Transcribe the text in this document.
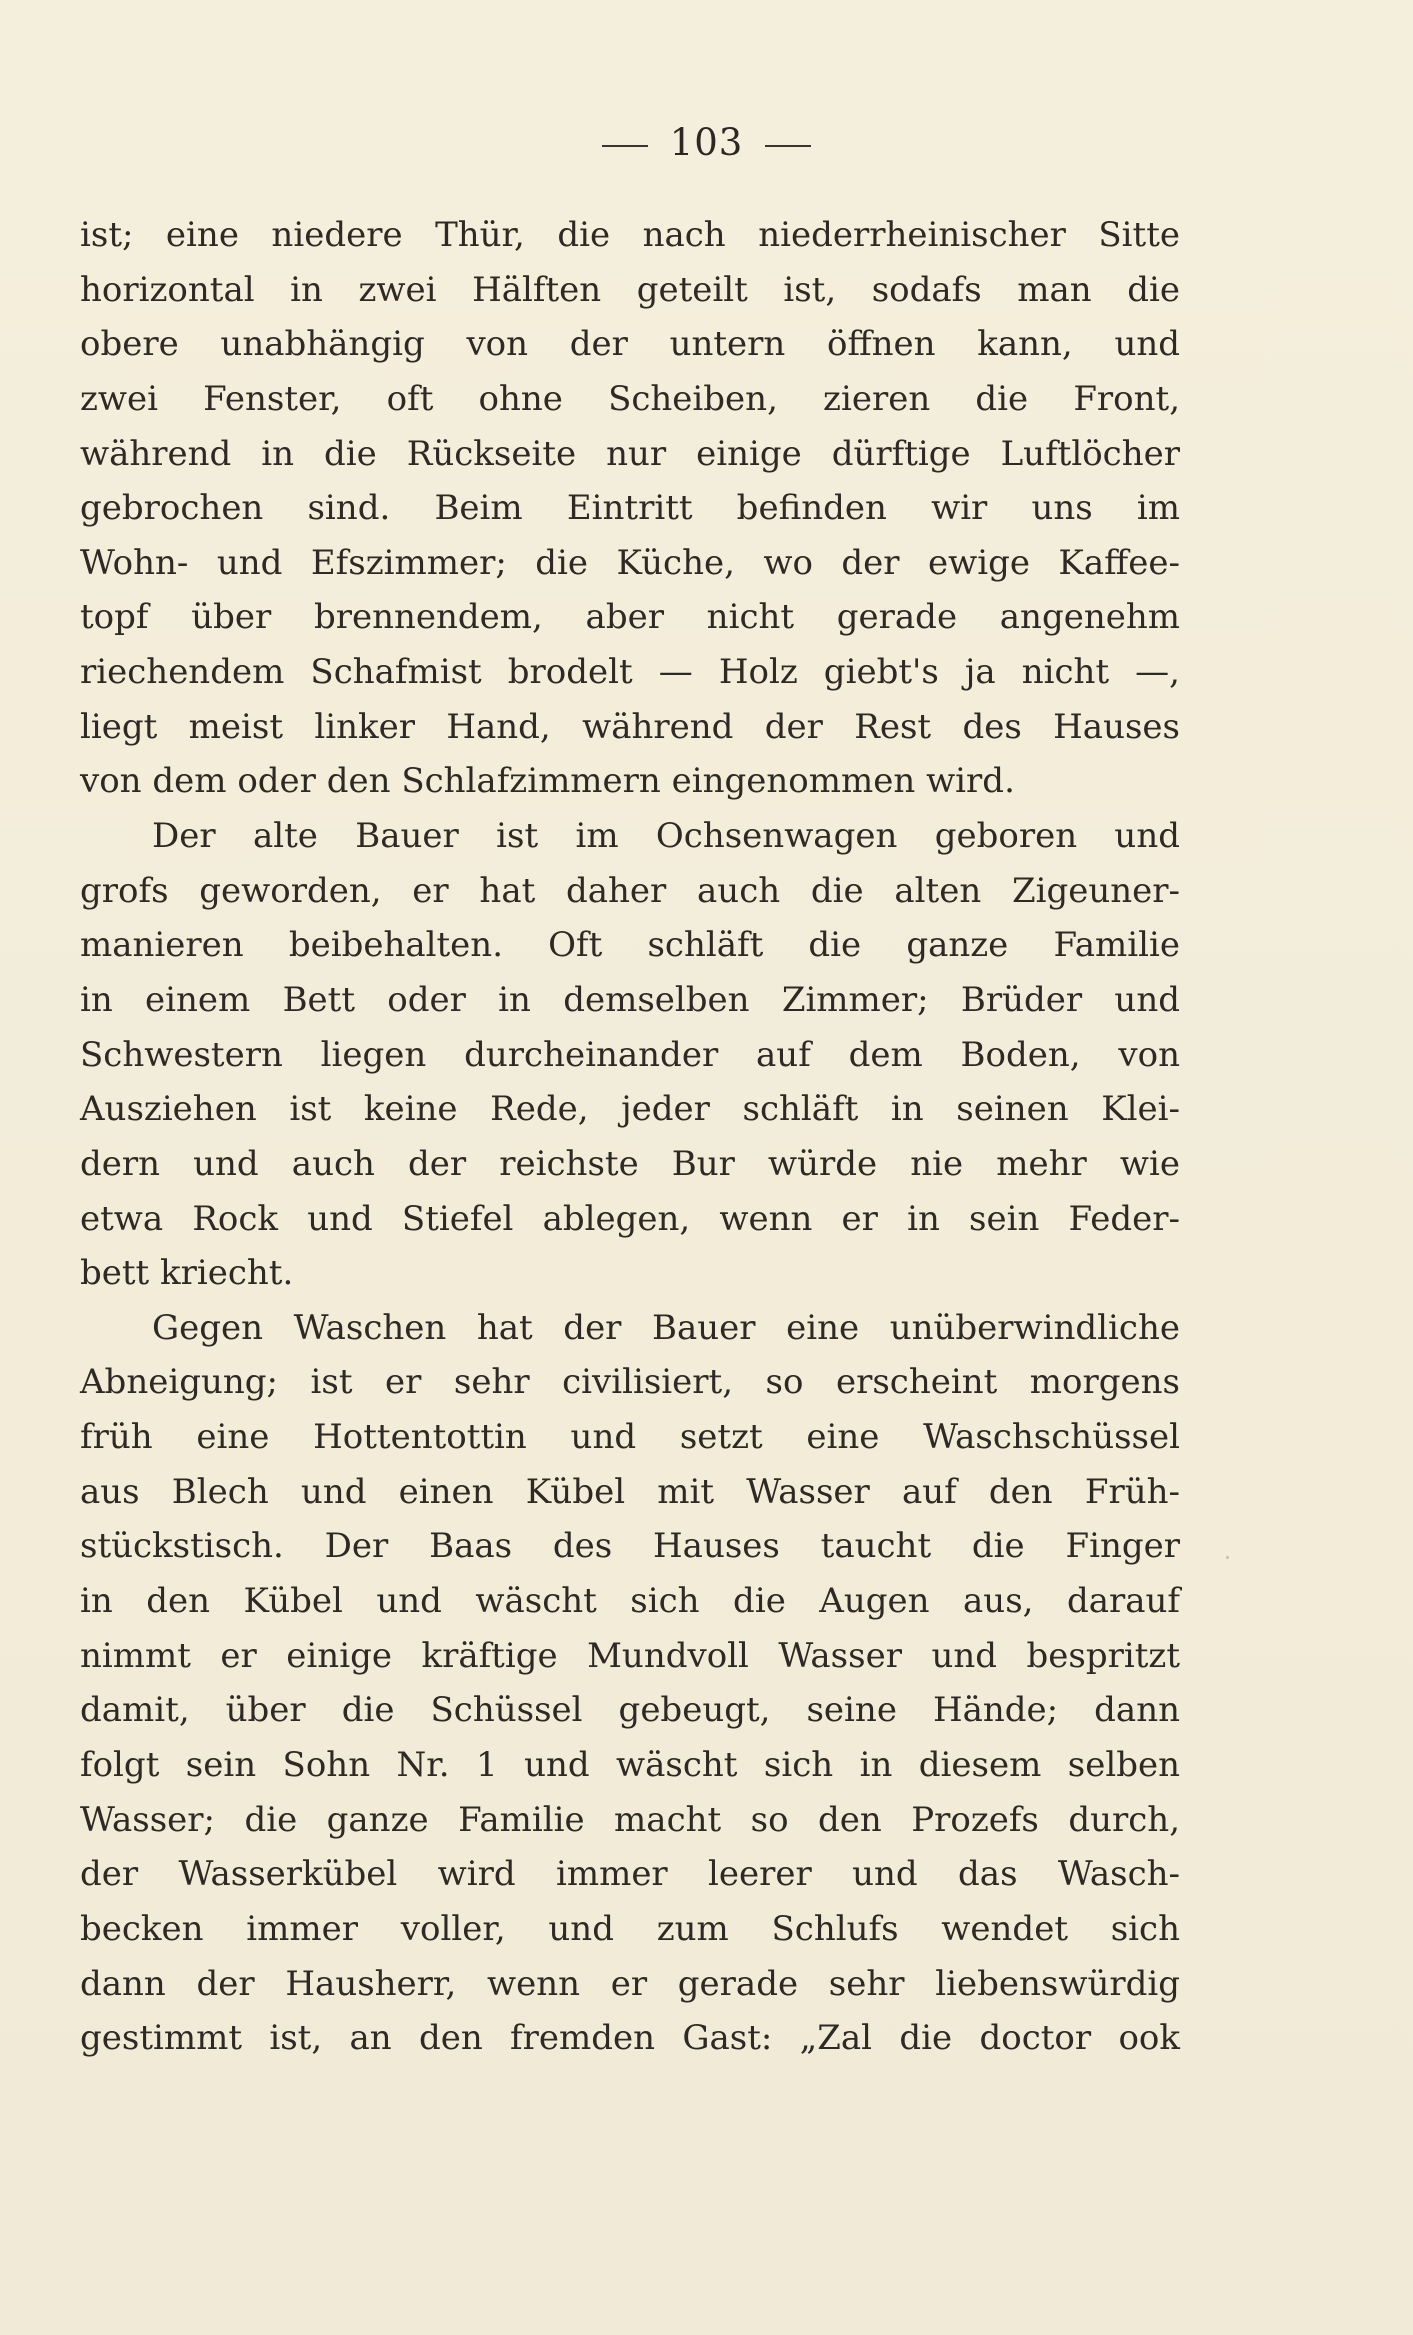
103
ist; eine niedere Thür, die nach niederrheinischer Sitte
horizontal in zwei Hälften geteilt ist, sodafs man die
obere unabhängig von der untern öffnen kann, und
zwei Fenster, oft ohne Scheiben, zieren die Front,
während in die Rückseite nur einige dürftige Luftlöcher
gebrochen sind. Beim Eintritt befinden wir uns im
Wohn- und Efszimmer; die Küche, wo der ewige Kaffee-
topf über brennendem, aber nicht gerade angenehm
riechendem Schafmist brodelt — Holz giebt's ja nicht —,
liegt meist linker Hand, während der Rest des Hauses
von dem oder den Schlafzimmern eingenommen wird.
Der alte Bauer ist im Ochsenwagen geboren und
grofs geworden, er hat daher auch die alten Zigeuner-
manieren beibehalten. Oft schläft die ganze Familie
in einem Bett oder in demselben Zimmer; Brüder und
Schwestern liegen durcheinander auf dem Boden, von
Ausziehen ist keine Rede, jeder schläft in seinen Klei-
dern und auch der reichste Bur würde nie mehr wie
etwa Rock und Stiefel ablegen, wenn er in sein Feder-
bett kriecht.
Gegen Waschen hat der Bauer eine unüberwindliche
Abneigung; ist er sehr civilisiert, so erscheint morgens
früh eine Hottentottin und setzt eine Waschschüssel
aus Blech und einen Kübel mit Wasser auf den Früh-
stückstisch. Der Baas des Hauses taucht die Finger
in den Kübel und wäscht sich die Augen aus, darauf
nimmt er einige kräftige Mundvoll Wasser und bespritzt
damit, über die Schüssel gebeugt, seine Hände; dann
folgt sein Sohn Nr. 1 und wäscht sich in diesem selben
Wasser; die ganze Familie macht so den Prozefs durch,
der Wasserkübel wird immer leerer und das Wasch-
becken immer voller, und zum Schlufs wendet sich
dann der Hausherr, wenn er gerade sehr liebenswürdig
gestimmt ist, an den fremden Gast: „Zal die doctor ook
